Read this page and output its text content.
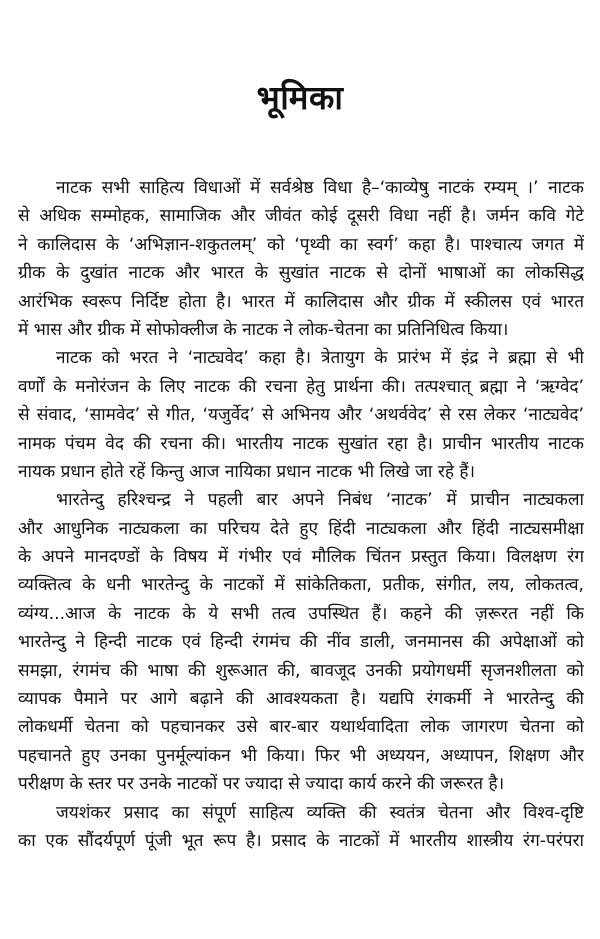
भूमिका
नाटक सभी साहित्य विधाओं में सर्वश्रेष्ठ विधा है–‘काव्येषु नाटकं रम्यम् ।’ नाटक
से अधिक सम्मोहक, सामाजिक और जीवंत कोई दूसरी विधा नहीं है। जर्मन कवि गेटे
ने कालिदास के ‘अभिज्ञान-शकुतलम्’ को ‘पृथ्वी का स्वर्ग’ कहा है। पाश्चात्य जगत में
ग्रीक के दुखांत नाटक और भारत के सुखांत नाटक से दोनों भाषाओं का लोकसिद्ध
आरंभिक स्वरूप निर्दिष्ट होता है। भारत में कालिदास और ग्रीक में स्कीलस एवं भारत
में भास और ग्रीक में सोफोक्लीज के नाटक ने लोक-चेतना का प्रतिनिधित्व किया।
नाटक को भरत ने ‘नाट्यवेद’ कहा है। त्रेतायुग के प्रारंभ में इंद्र ने ब्रह्मा से भी
वर्णों के मनोरंजन के लिए नाटक की रचना हेतु प्रार्थना की। तत्पश्चात् ब्रह्मा ने ‘ऋग्वेद’
से संवाद, ‘सामवेद’ से गीत, ‘यजुर्वेद’ से अभिनय और ‘अथर्ववेद’ से रस लेकर ‘नाट्यवेद’
नामक पंचम वेद की रचना की। भारतीय नाटक सुखांत रहा है। प्राचीन भारतीय नाटक
नायक प्रधान होते रहें किन्तु आज नायिका प्रधान नाटक भी लिखे जा रहे हैं।
भारतेन्दु हरिश्चन्द्र ने पहली बार अपने निबंध ‘नाटक’ में प्राचीन नाट्यकला
और आधुनिक नाट्यकला का परिचय देते हुए हिंदी नाट्यकला और हिंदी नाट्यसमीक्षा
के अपने मानदण्डों के विषय में गंभीर एवं मौलिक चिंतन प्रस्तुत किया। विलक्षण रंग
व्यक्तित्व के धनी भारतेन्दु के नाटकों में सांकेतिकता, प्रतीक, संगीत, लय, लोकतत्व,
व्यंग्य...आज के नाटक के ये सभी तत्व उपस्थित हैं। कहने की ज़रूरत नहीं कि
भारतेन्दु ने हिन्दी नाटक एवं हिन्दी रंगमंच की नींव डाली, जनमानस की अपेक्षाओं को
समझा, रंगमंच की भाषा की शुरूआत की, बावजूद उनकी प्रयोगधर्मी सृजनशीलता को
व्यापक पैमाने पर आगे बढ़ाने की आवश्यकता है। यद्यपि रंगकर्मी ने भारतेन्दु की
लोकधर्मी चेतना को पहचानकर उसे बार-बार यथार्थवादिता लोक जागरण चेतना को
पहचानते हुए उनका पुनर्मूल्यांकन भी किया। फिर भी अध्ययन, अध्यापन, शिक्षण और
परीक्षण के स्तर पर उनके नाटकों पर ज्यादा से ज्यादा कार्य करने की जरूरत है।
जयशंकर प्रसाद का संपूर्ण साहित्य व्यक्ति की स्वतंत्र चेतना और विश्व-दृष्टि
का एक सौंदर्यपूर्ण पूंजी भूत रूप है। प्रसाद के नाटकों में भारतीय शास्त्रीय रंग-परंपरा
